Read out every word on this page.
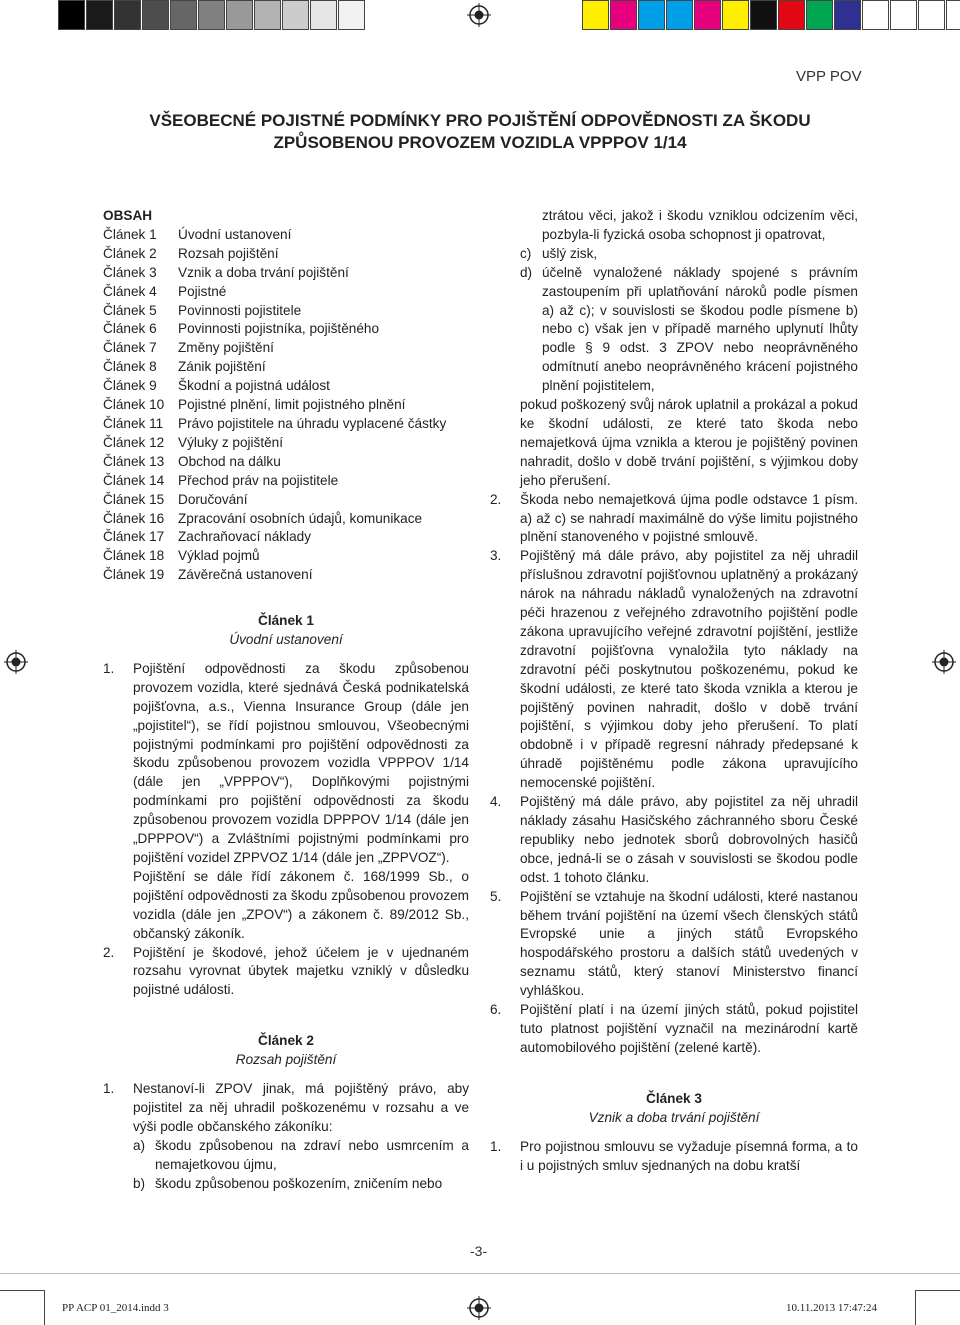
VPP POV
VŠEOBECNÉ POJISTNÉ PODMÍNKY PRO POJIŠTĚNÍ ODPOVĚDNOSTI ZA ŠKODU
ZPŮSOBENOU PROVOZEM VOZIDLA VPPPOV 1/14
OBSAH
Článek 1	Úvodní ustanovení
Článek 2	Rozsah pojištění
Článek 3	Vznik a doba trvání pojištění
Článek 4	Pojistné
Článek 5	Povinnosti pojistitele
Článek 6	Povinnosti pojistníka, pojištěného
Článek 7	Změny pojištění
Článek 8	Zánik pojištění
Článek 9	Škodní a pojistná událost
Článek 10	Pojistné plnění, limit pojistného plnění
Článek 11	Právo pojistitele na úhradu vyplacené částky
Článek 12	Výluky z pojištění
Článek 13	Obchod na dálku
Článek 14	Přechod práv na pojistitele
Článek 15	Doručování
Článek 16	Zpracování osobních údajů, komunikace
Článek 17	Zachraňovací náklady
Článek 18	Výklad pojmů
Článek 19	Závěrečná ustanovení
Článek 1
Úvodní ustanovení
1.	Pojištění odpovědnosti za škodu způsobenou provozem vozidla, které sjednává Česká podnikatelská pojišťovna, a.s., Vienna Insurance Group (dále jen „pojistitel“), se řídí pojistnou smlouvou, Všeobecnými pojistnými podmínkami pro pojištění odpovědnosti za škodu způsobenou provozem vozidla VPPPOV 1/14 (dále jen „VPPPOV“), Doplňkovými pojistnými podmínkami pro pojištění odpovědnosti za škodu způsobenou provozem vozidla DPPPOV 1/14 (dále jen „DPPPOV“) a Zvláštními pojistnými podmínkami pro pojištění vozidel ZPPVOZ 1/14 (dále jen „ZPPVOZ“).
Pojištění se dále řídí zákonem č. 168/1999 Sb., o pojištění odpovědnosti za škodu způsobenou provozem vozidla (dále jen „ZPOV“) a zákonem č. 89/2012 Sb., občanský zákoník.
2.	Pojištění je škodové, jehož účelem je v ujednaném rozsahu vyrovnat úbytek majetku vzniklý v důsledku pojistné události.
Článek 2
Rozsah pojištění
1.	Nestanoví-li ZPOV jinak, má pojištěný právo, aby pojistitel za něj uhradil poškozenému v rozsahu a ve výši podle občanského zákoníku:
a) škodu způsobenou na zdraví nebo usmrcením a nemajetkovou újmu,
b) škodu způsobenou poškozením, zničením nebo
ztrátou věci, jakož i škodu vzniklou odcizením věci, pozbyla-li fyzická osoba schopnost ji opatrovat,
c) ušlý zisk,
d) účelně vynaložené náklady spojené s právním zastoupením při uplatňování nároků podle písmen a) až c); v souvislosti se škodou podle písmene b) nebo c) však jen v případě marného uplynutí lhůty podle § 9 odst. 3 ZPOV nebo neoprávněného odmítnutí anebo neoprávněného krácení pojistného plnění pojistitelem,
pokud poškozený svůj nárok uplatnil a prokázal a pokud ke škodní události, ze které tato škoda nebo nemajetková újma vznikla a kterou je pojištěný povinen nahradit, došlo v době trvání pojištění, s výjimkou doby jeho přerušení.
2.	Škoda nebo nemajetková újma podle odstavce 1 písm. a) až c) se nahradí maximálně do výše limitu pojistného plnění stanoveného v pojistné smlouvě.
3.	Pojištěný má dále právo, aby pojistitel za něj uhradil příslušnou zdravotní pojišťovnou uplatněný a prokázaný nárok na náhradu nákladů vynaložených na zdravotní péči hrazenou z veřejného zdravotního pojištění podle zákona upravujícího veřejné zdravotní pojištění, jestliže zdravotní pojišťovna vynaložila tyto náklady na zdravotní péči poskytnutou poškozenému, pokud ke škodní události, ze které tato škoda vznikla a kterou je pojištěný povinen nahradit, došlo v době trvání pojištění, s výjimkou doby jeho přerušení. To platí obdobně i v případě regresní náhrady předepsané k úhradě pojištěnému podle zákona upravujícího nemocenské pojištění.
4.	Pojištěný má dále právo, aby pojistitel za něj uhradil náklady zásahu Hasičského záchranného sboru České republiky nebo jednotek sborů dobrovolných hasičů obce, jedná-li se o zásah v souvislosti se škodou podle odst. 1 tohoto článku.
5.	Pojištění se vztahuje na škodní události, které nastanou během trvání pojištění na území všech členských států Evropské unie a jiných států Evropského hospodářského prostoru a dalších států uvedených v seznamu států, který stanoví Ministerstvo financí vyhláškou.
6.	Pojištění platí i na území jiných států, pokud pojistitel tuto platnost pojištění vyznačil na mezinárodní kartě automobilového pojištění (zelené kartě).
Článek 3
Vznik a doba trvání pojištění
1.	Pro pojistnou smlouvu se vyžaduje písemná forma, a to i u pojistných smluv sjednaných na dobu kratší
-3-
PP ACP 01_2014.indd 3	10.11.2013 17:47:24
